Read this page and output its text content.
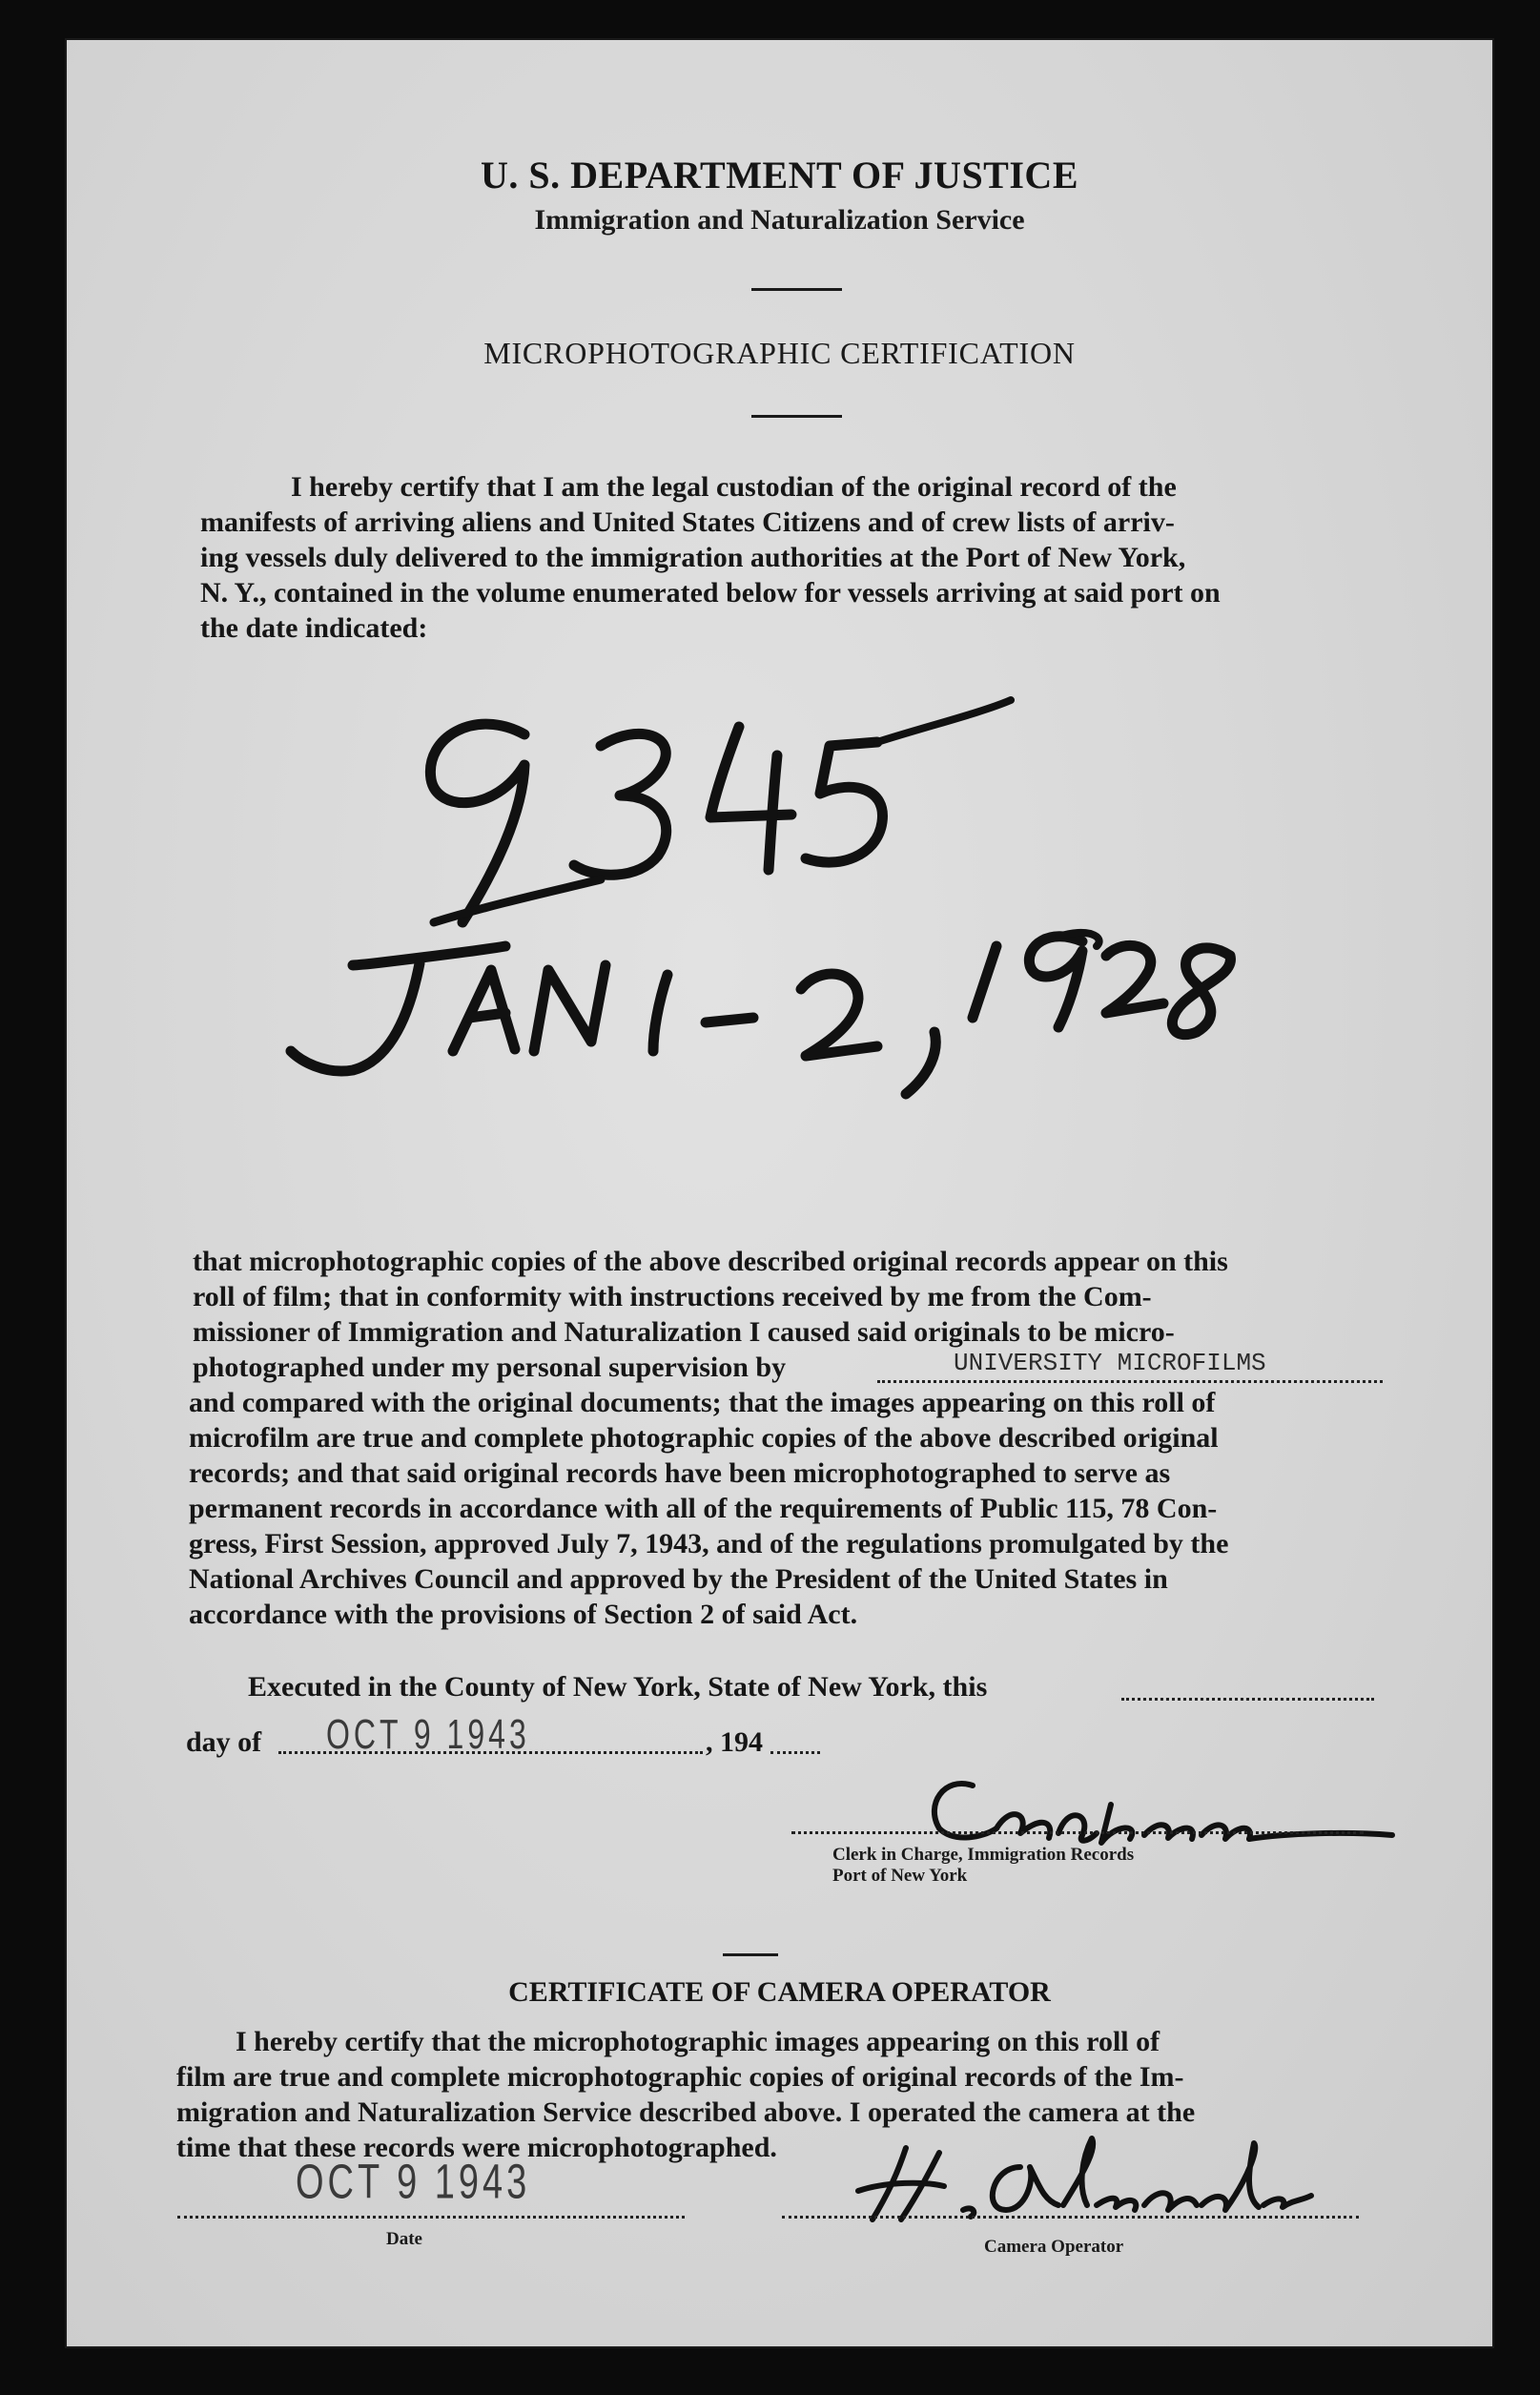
U. S. DEPARTMENT OF JUSTICE
Immigration and Naturalization Service
MICROPHOTOGRAPHIC CERTIFICATION

I hereby certify that I am the legal custodian of the original record of the

manifests of arriving aliens and United States Citizens and of crew lists of arriv-

ing vessels duly delivered to the immigration authorities at the Port of New York,

N. Y., contained in the volume enumerated below for vessels arriving at said port on

the date indicated:

that microphotographic copies of the above described original records appear on this

roll of film; that in conformity with instructions received by me from the Com-

missioner of Immigration and Naturalization I caused said originals to be micro-

photographed under my personal supervision by	UNIVERSITY MICROFILMS

and compared with the original documents; that the images appearing on this roll of

microfilm are true and complete photographic copies of the above described original

records; and that said original records have been microphotographed to serve as

permanent records in accordance with all of the requirements of Public 115, 78 Con-

gress, First Session, approved July 7, 1943, and of the regulations promulgated by the

National Archives Council and approved by the President of the United States in

accordance with the provisions of Section 2 of said Act.

Executed in the County of New York, State of New York, this
day of OCT 9 1943	, 194
Clerk in Charge, Immigration Records
Port of New York
CERTIFICATE OF CAMERA OPERATOR

I hereby certify that the microphotographic images appearing on this roll of

film are true and complete microphotographic copies of original records of the Im-

migration and Naturalization Service described above. I operated the camera at the

time that these records were microphotographed.

OCT 9 1943
Date	Camera Operator
